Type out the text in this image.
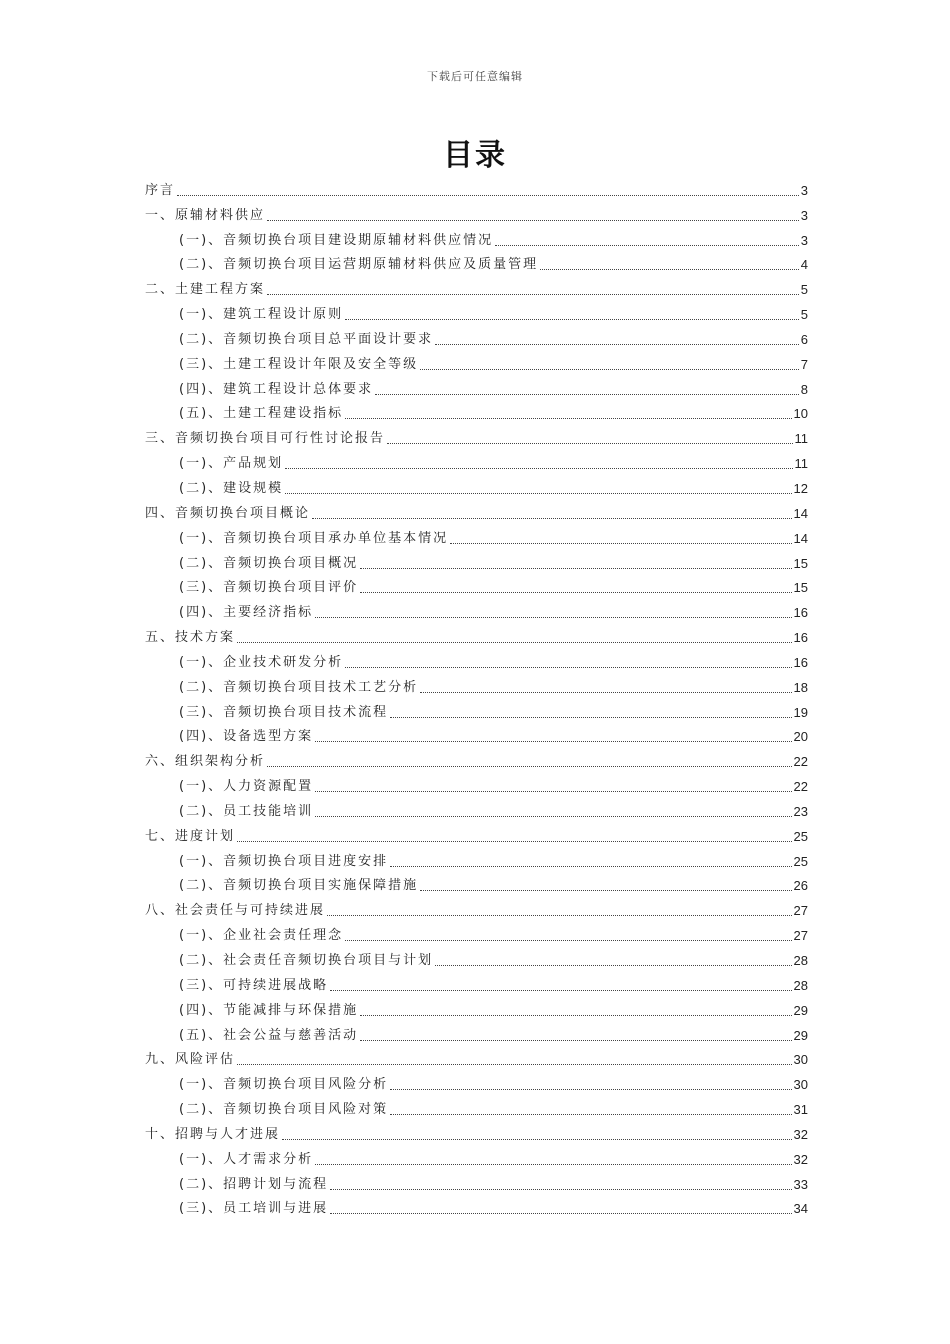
下载后可任意编辑
目录
序言	3
一、原辅材料供应	3
(一)、音频切换台项目建设期原辅材料供应情况	3
(二)、音频切换台项目运营期原辅材料供应及质量管理	4
二、土建工程方案	5
(一)、建筑工程设计原则	5
(二)、音频切换台项目总平面设计要求	6
(三)、土建工程设计年限及安全等级	7
(四)、建筑工程设计总体要求	8
(五)、土建工程建设指标	10
三、音频切换台项目可行性讨论报告	11
(一)、产品规划	11
(二)、建设规模	12
四、音频切换台项目概论	14
(一)、音频切换台项目承办单位基本情况	14
(二)、音频切换台项目概况	15
(三)、音频切换台项目评价	15
(四)、主要经济指标	16
五、技术方案	16
(一)、企业技术研发分析	16
(二)、音频切换台项目技术工艺分析	18
(三)、音频切换台项目技术流程	19
(四)、设备选型方案	20
六、组织架构分析	22
(一)、人力资源配置	22
(二)、员工技能培训	23
七、进度计划	25
(一)、音频切换台项目进度安排	25
(二)、音频切换台项目实施保障措施	26
八、社会责任与可持续进展	27
(一)、企业社会责任理念	27
(二)、社会责任音频切换台项目与计划	28
(三)、可持续进展战略	28
(四)、节能减排与环保措施	29
(五)、社会公益与慈善活动	29
九、风险评估	30
(一)、音频切换台项目风险分析	30
(二)、音频切换台项目风险对策	31
十、招聘与人才进展	32
(一)、人才需求分析	32
(二)、招聘计划与流程	33
(三)、员工培训与进展	34
